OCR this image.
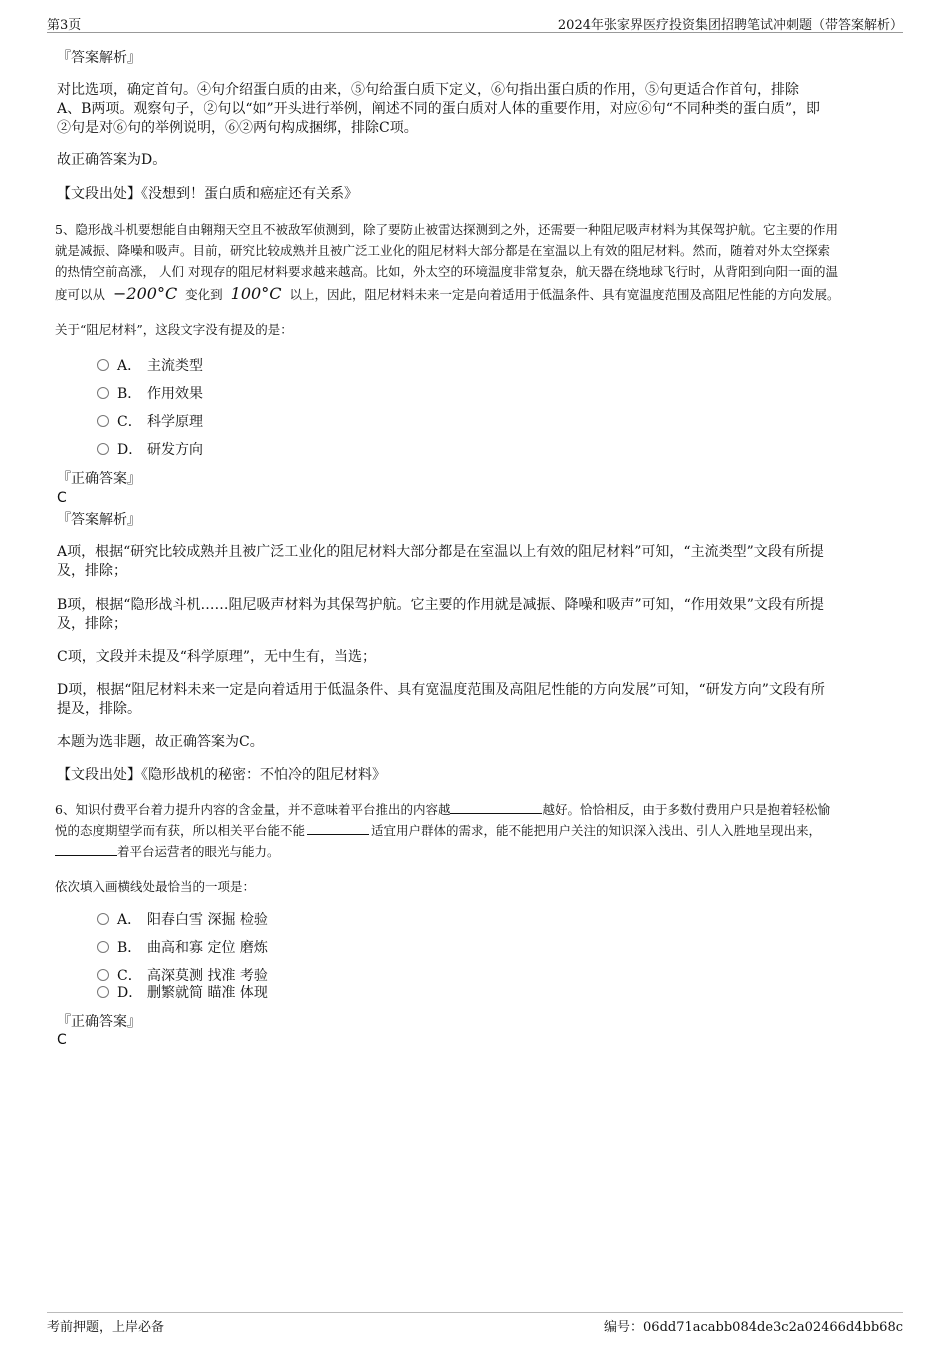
第3页	2024年张家界医疗投资集团招聘笔试冲刺题（带答案解析）
『答案解析』
对比选项，确定首句。④句介绍蛋白质的由来，⑤句给蛋白质下定义，⑥句指出蛋白质的作用，⑤句更适合作首句，排除
A、B两项。观察句子，②句以“如”开头进行举例，阐述不同的蛋白质对人体的重要作用，对应⑥句“不同种类的蛋白质”，即
②句是对⑥句的举例说明，⑥②两句构成捆绑，排除C项。
故正确答案为D。
【文段出处】《没想到！蛋白质和癌症还有关系》
5、隐形战斗机要想能自由翱翔天空且不被敌军侦测到，除了要防止被雷达探测到之外，还需要一种阻尼吸声材料为其保驾护航。它主要的作用
就是减振、降噪和吸声。目前，研究比较成熟并且被广泛工业化的阻尼材料大部分都是在室温以上有效的阻尼材料。然而，随着对外太空探索
的热情空前高涨， 人们 对现存的阻尼材料要求越来越高。比如，外太空的环境温度非常复杂，航天器在绕地球飞行时，从背阳到向阳一面的温
度可以从 −200°C 变化到 100°C 以上，因此，阻尼材料未来一定是向着适用于低温条件、具有宽温度范围及高阻尼性能的方向发展。
关于“阻尼材料”，这段文字没有提及的是：
A． 主流类型
B． 作用效果
C． 科学原理
D． 研发方向
『正确答案』
C
『答案解析』
A项，根据“研究比较成熟并且被广泛工业化的阻尼材料大部分都是在室温以上有效的阻尼材料”可知，“主流类型”文段有所提
及，排除；
B项，根据“隐形战斗机……阻尼吸声材料为其保驾护航。它主要的作用就是减振、降噪和吸声”可知，“作用效果”文段有所提
及，排除；
C项，文段并未提及“科学原理”，无中生有，当选；
D项，根据“阻尼材料未来一定是向着适用于低温条件、具有宽温度范围及高阻尼性能的方向发展”可知，“研发方向”文段有所
提及，排除。
本题为选非题，故正确答案为C。
【文段出处】《隐形战机的秘密：不怕冷的阻尼材料》
6、知识付费平台着力提升内容的含金量，并不意味着平台推出的内容越	越好。恰恰相反，由于多数付费用户只是抱着轻松愉
悦的态度期望学而有获，所以相关平台能不能	适宜用户群体的需求，能不能把用户关注的知识深入浅出、引人入胜地呈现出来，
着平台运营者的眼光与能力。
依次填入画横线处最恰当的一项是：
A． 阳春白雪 深掘 检验
B． 曲高和寡 定位 磨炼
C． 高深莫测 找准 考验
D． 删繁就简 瞄准 体现
『正确答案』
C
考前押题，上岸必备	编号：06dd71acabb084de3c2a02466d4bb68c
